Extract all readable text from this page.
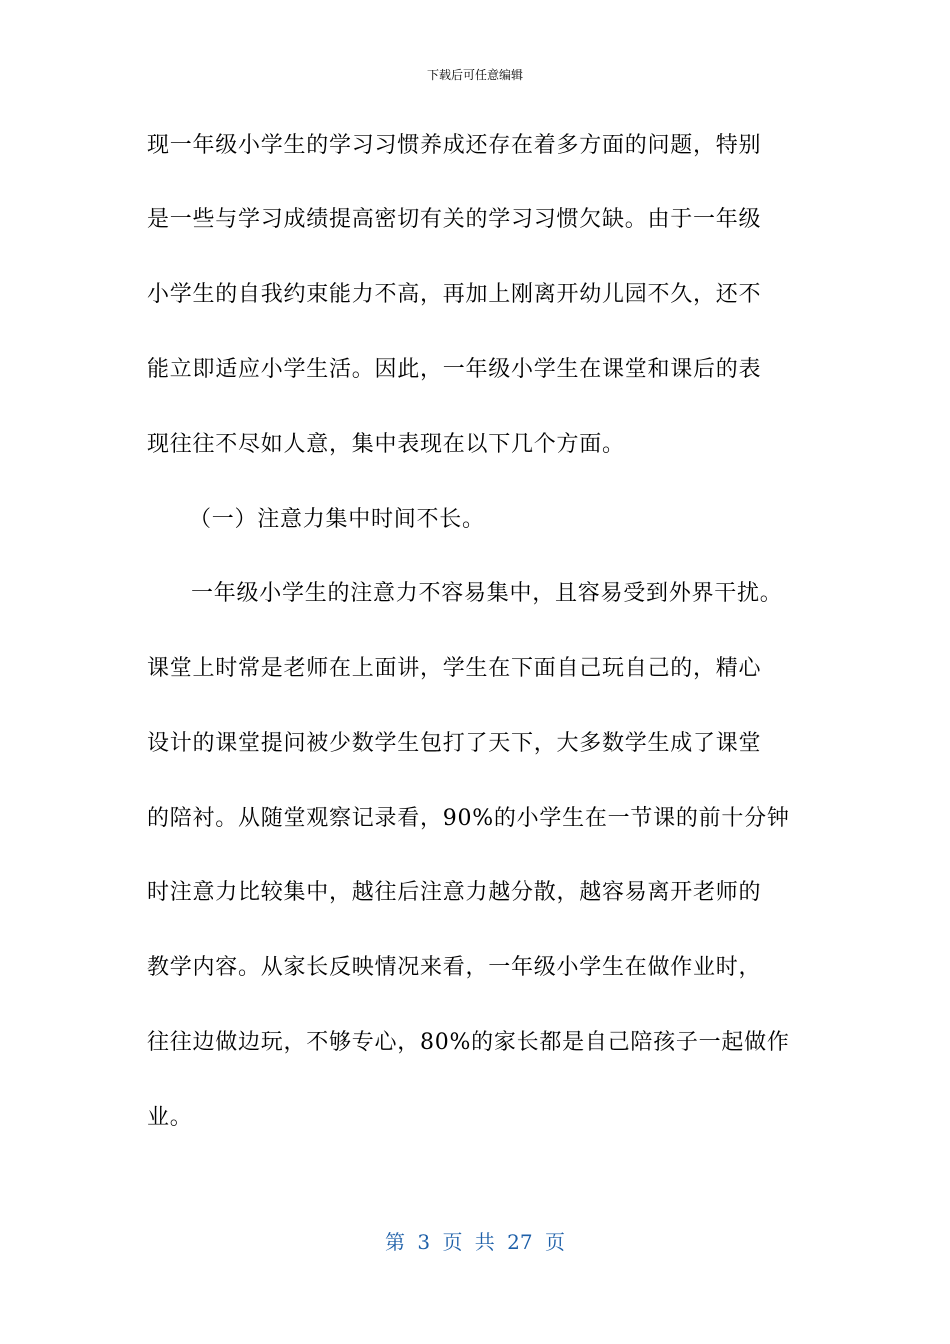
下载后可任意编辑
现一年级小学生的学习习惯养成还存在着多方面的问题，特别
是一些与学习成绩提高密切有关的学习习惯欠缺。由于一年级
小学生的自我约束能力不高，再加上刚离开幼儿园不久，还不
能立即适应小学生活。因此，一年级小学生在课堂和课后的表
现往往不尽如人意，集中表现在以下几个方面。
（一）注意力集中时间不长。
一年级小学生的注意力不容易集中，且容易受到外界干扰。
课堂上时常是老师在上面讲，学生在下面自己玩自己的，精心
设计的课堂提问被少数学生包打了天下，大多数学生成了课堂
的陪衬。从随堂观察记录看，90%的小学生在一节课的前十分钟
时注意力比较集中，越往后注意力越分散，越容易离开老师的
教学内容。从家长反映情况来看，一年级小学生在做作业时，
往往边做边玩，不够专心，80%的家长都是自己陪孩子一起做作
业。
第 3 页 共 27 页
